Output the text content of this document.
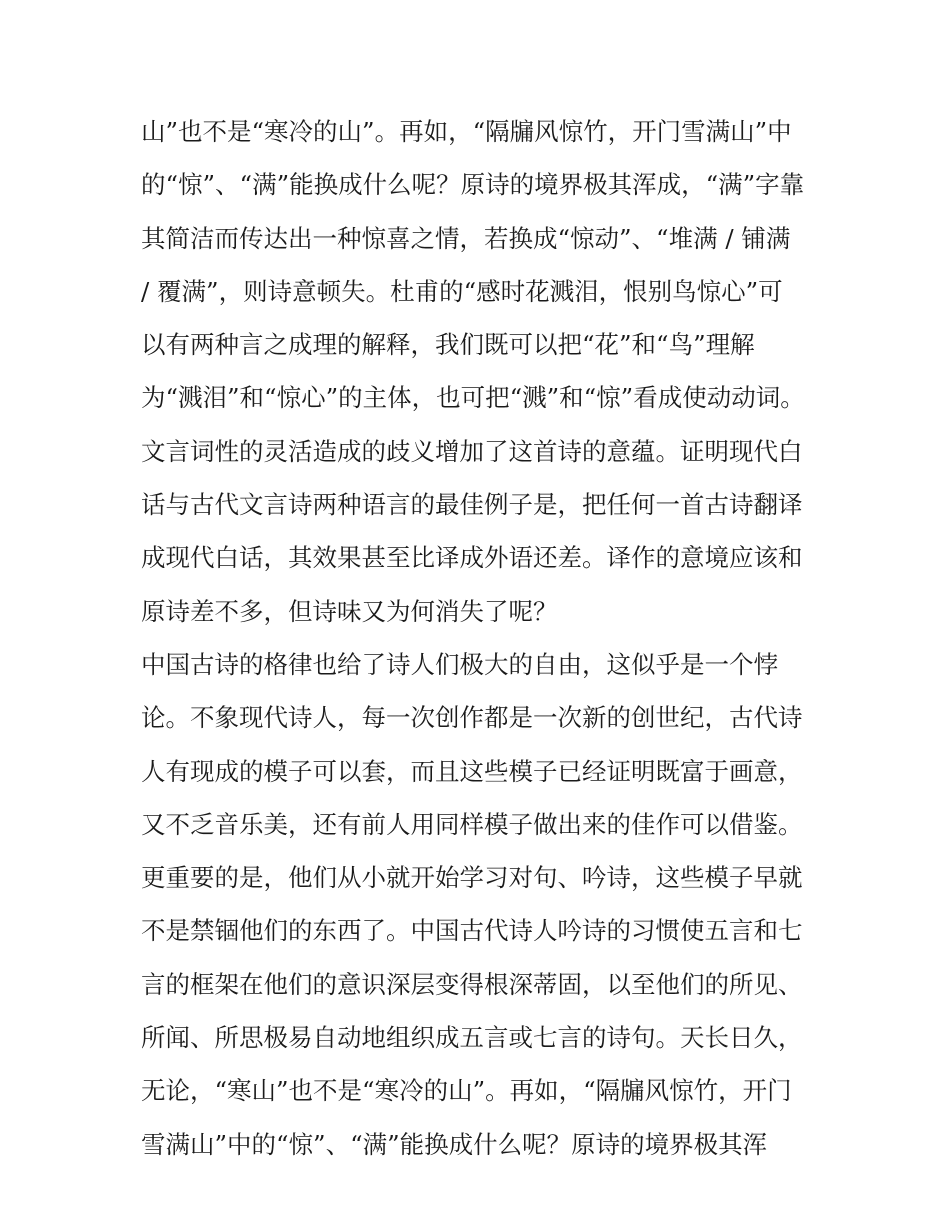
山”也不是“寒冷的山”。再如，“隔牖风惊竹，开门雪满山”中
的“惊”、“满”能换成什么呢？原诗的境界极其浑成，“满”字靠
其简洁而传达出一种惊喜之情，若换成“惊动”、“堆满 / 铺满
/ 覆满”，则诗意顿失。杜甫的“感时花溅泪，恨别鸟惊心”可
以有两种言之成理的解释，我们既可以把“花”和“鸟”理解
为“溅泪”和“惊心”的主体，也可把“溅”和“惊”看成使动动词。
文言词性的灵活造成的歧义增加了这首诗的意蕴。证明现代白
话与古代文言诗两种语言的最佳例子是，把任何一首古诗翻译
成现代白话，其效果甚至比译成外语还差。译作的意境应该和
原诗差不多，但诗味又为何消失了呢？
中国古诗的格律也给了诗人们极大的自由，这似乎是一个悖
论。不象现代诗人，每一次创作都是一次新的创世纪，古代诗
人有现成的模子可以套，而且这些模子已经证明既富于画意，
又不乏音乐美，还有前人用同样模子做出来的佳作可以借鉴。
更重要的是，他们从小就开始学习对句、吟诗，这些模子早就
不是禁锢他们的东西了。中国古代诗人吟诗的习惯使五言和七
言的框架在他们的意识深层变得根深蒂固，以至他们的所见、
所闻、所思极易自动地组织成五言或七言的诗句。天长日久，
无论，“寒山”也不是“寒冷的山”。再如，“隔牖风惊竹，开门
雪满山”中的“惊”、“满”能换成什么呢？原诗的境界极其浑
